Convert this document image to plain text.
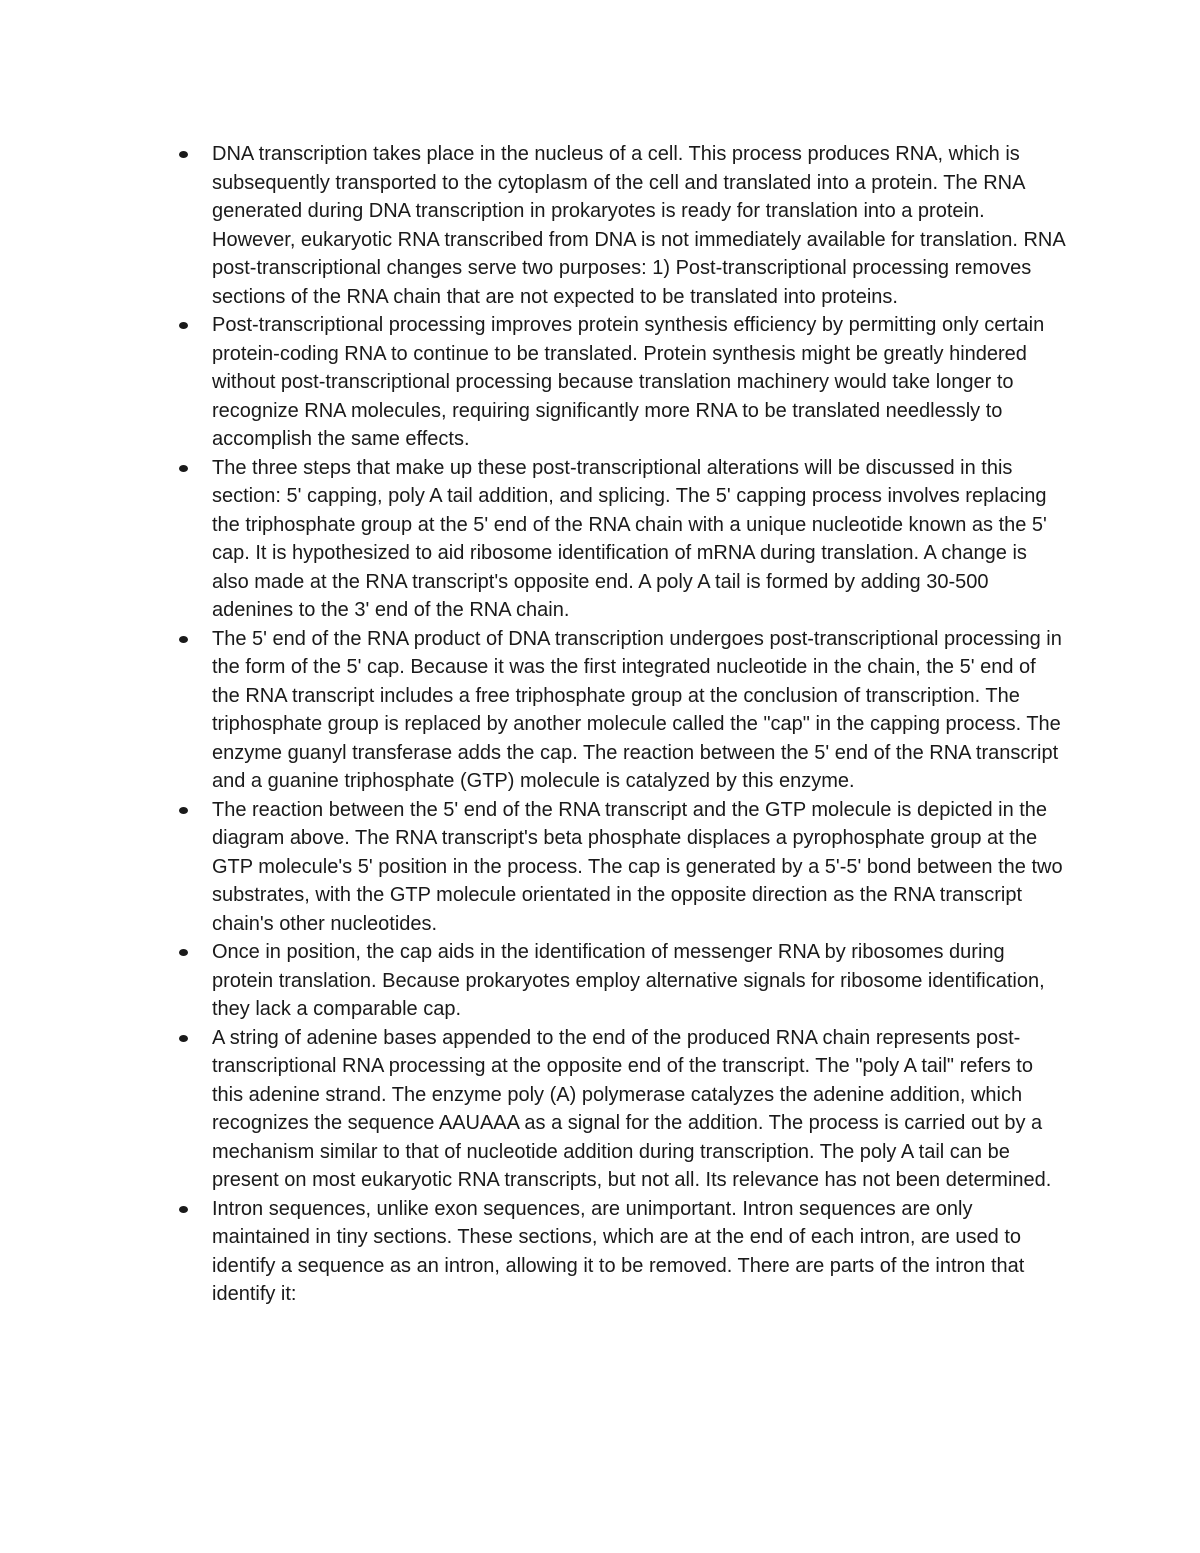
DNA transcription takes place in the nucleus of a cell. This process produces RNA, which is subsequently transported to the cytoplasm of the cell and translated into a protein. The RNA generated during DNA transcription in prokaryotes is ready for translation into a protein. However, eukaryotic RNA transcribed from DNA is not immediately available for translation. RNA post-transcriptional changes serve two purposes: 1) Post-transcriptional processing removes sections of the RNA chain that are not expected to be translated into proteins.
Post-transcriptional processing improves protein synthesis efficiency by permitting only certain protein-coding RNA to continue to be translated. Protein synthesis might be greatly hindered without post-transcriptional processing because translation machinery would take longer to recognize RNA molecules, requiring significantly more RNA to be translated needlessly to accomplish the same effects.
The three steps that make up these post-transcriptional alterations will be discussed in this section: 5' capping, poly A tail addition, and splicing. The 5' capping process involves replacing the triphosphate group at the 5' end of the RNA chain with a unique nucleotide known as the 5' cap. It is hypothesized to aid ribosome identification of mRNA during translation. A change is also made at the RNA transcript's opposite end. A poly A tail is formed by adding 30-500 adenines to the 3' end of the RNA chain.
The 5' end of the RNA product of DNA transcription undergoes post-transcriptional processing in the form of the 5' cap. Because it was the first integrated nucleotide in the chain, the 5' end of the RNA transcript includes a free triphosphate group at the conclusion of transcription. The triphosphate group is replaced by another molecule called the "cap" in the capping process. The enzyme guanyl transferase adds the cap. The reaction between the 5' end of the RNA transcript and a guanine triphosphate (GTP) molecule is catalyzed by this enzyme.
The reaction between the 5' end of the RNA transcript and the GTP molecule is depicted in the diagram above. The RNA transcript's beta phosphate displaces a pyrophosphate group at the GTP molecule's 5' position in the process. The cap is generated by a 5'-5' bond between the two substrates, with the GTP molecule orientated in the opposite direction as the RNA transcript chain's other nucleotides.
Once in position, the cap aids in the identification of messenger RNA by ribosomes during protein translation. Because prokaryotes employ alternative signals for ribosome identification, they lack a comparable cap.
A string of adenine bases appended to the end of the produced RNA chain represents post-transcriptional RNA processing at the opposite end of the transcript. The "poly A tail" refers to this adenine strand. The enzyme poly (A) polymerase catalyzes the adenine addition, which recognizes the sequence AAUAAA as a signal for the addition. The process is carried out by a mechanism similar to that of nucleotide addition during transcription. The poly A tail can be present on most eukaryotic RNA transcripts, but not all. Its relevance has not been determined.
Intron sequences, unlike exon sequences, are unimportant. Intron sequences are only maintained in tiny sections. These sections, which are at the end of each intron, are used to identify a sequence as an intron, allowing it to be removed. There are parts of the intron that identify it:
